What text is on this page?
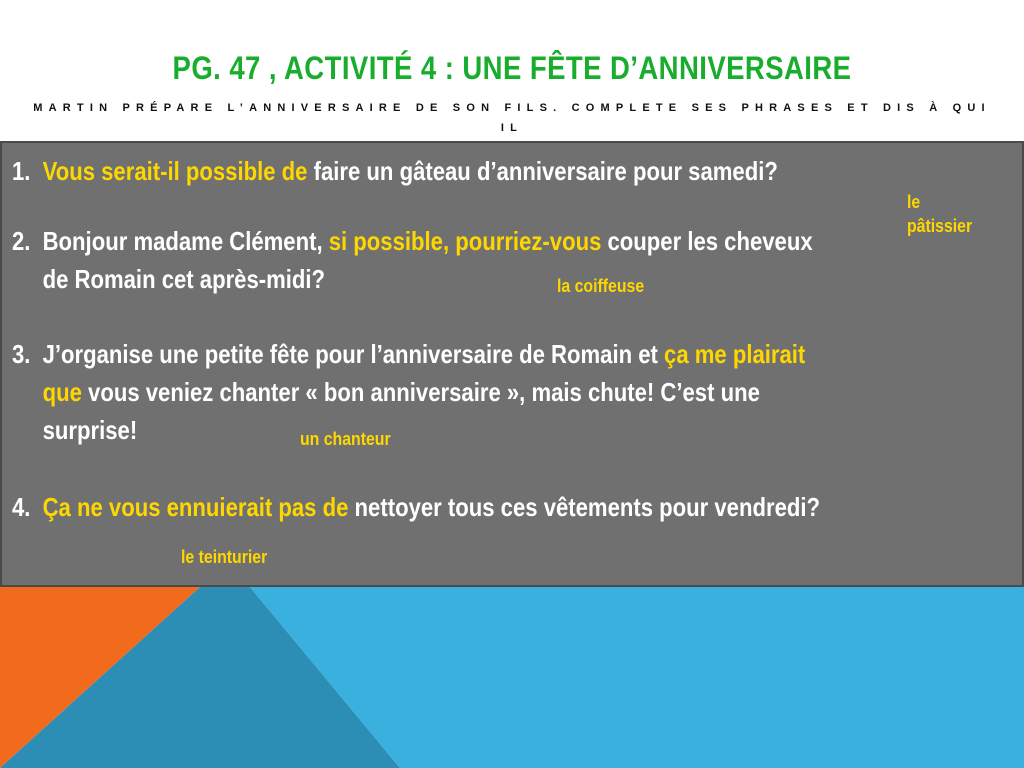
PG. 47 , ACTIVITÉ 4 : UNE FÊTE D’ANNIVERSAIRE
MARTIN PRÉPARE L’ANNIVERSAIRE DE SON FILS. COMPLETE SES PHRASES ET DIS À QUI IL

1. Vous serait-il possible de faire un gâteau d’anniversaire pour samedi?
2. Bonjour madame Clément, si possible, pourriez-vous couper les cheveux
de Romain cet après-midi?
3. J’organise une petite fête pour l’anniversaire de Romain et ça me plairait
que vous veniez chanter « bon anniversaire », mais chute! C’est une
surprise!
4. Ça ne vous ennuierait pas de nettoyer tous ces vêtements pour vendredi?
le
pâtissier
la coiffeuse
un chanteur
le teinturier
